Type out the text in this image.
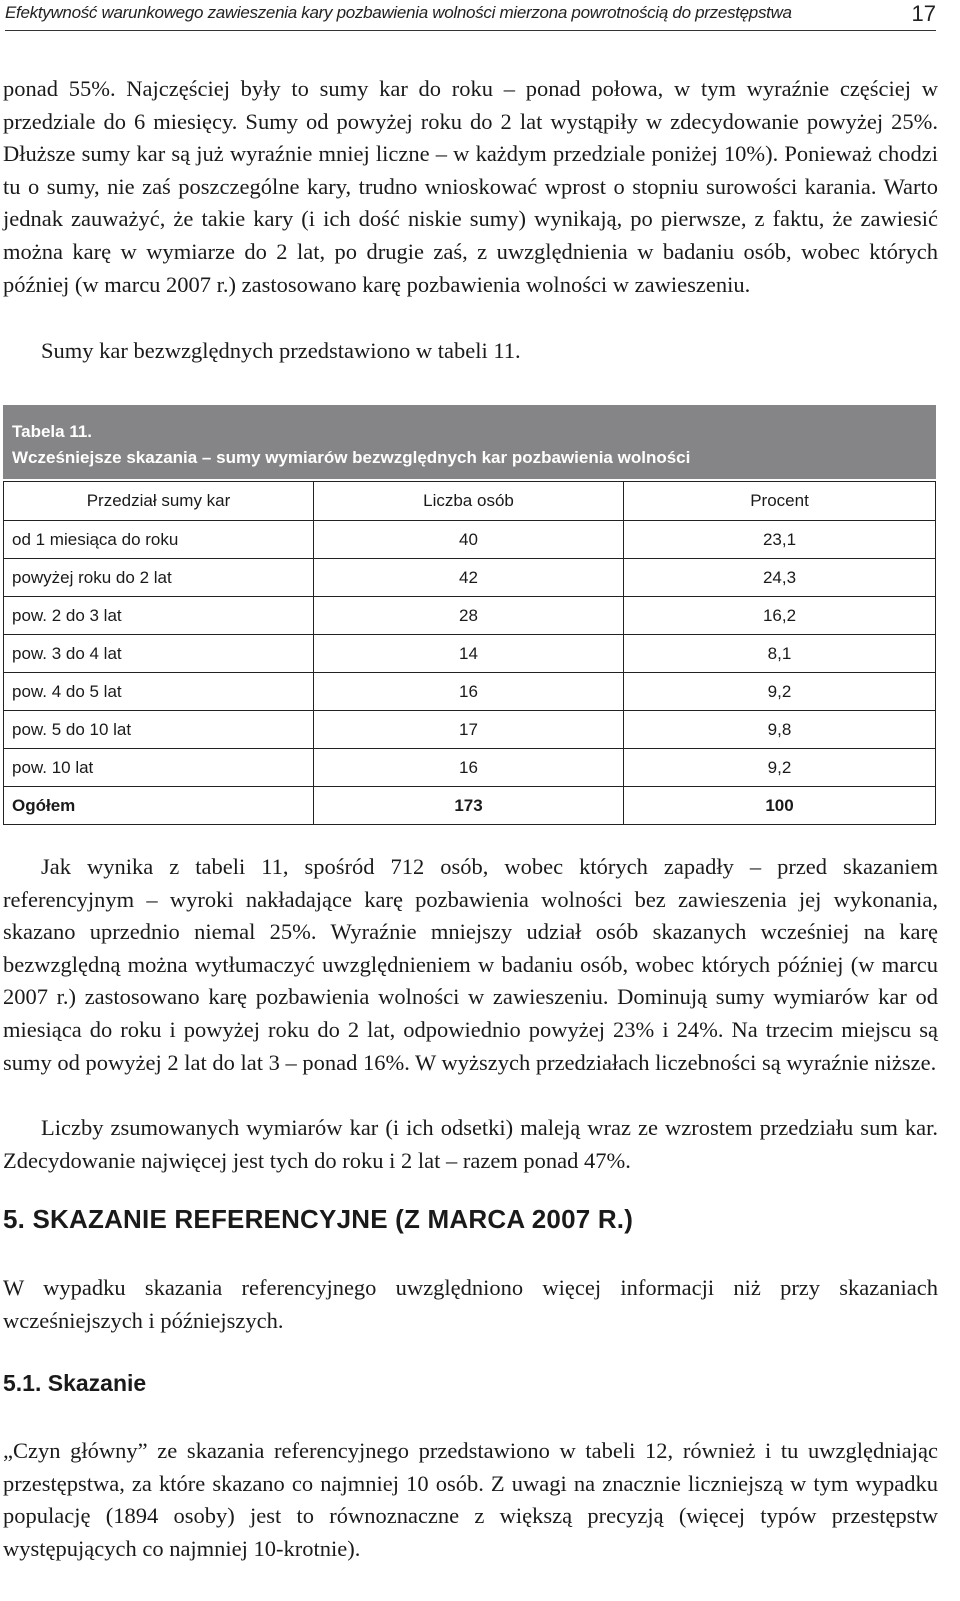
Efektywność warunkowego zawieszenia kary pozbawienia wolności mierzona powrotnością do przestępstwa	17

ponad 55%. Najczęściej były to sumy kar do roku – ponad połowa, w tym wyraźnie częściej w przedziale do 6 miesięcy. Sumy od powyżej roku do 2 lat wystąpiły w zdecydowanie powyżej 25%. Dłuższe sumy kar są już wyraźnie mniej liczne – w każdym przedziale poniżej 10%). Ponieważ chodzi tu o sumy, nie zaś poszczególne kary, trudno wnioskować wprost o stopniu surowości karania. Warto jednak zauważyć, że takie kary (i ich dość niskie sumy) wynikają, po pierwsze, z faktu, że zawiesić można karę w wymiarze do 2 lat, po drugie zaś, z uwzględnienia w badaniu osób, wobec których później (w marcu 2007 r.) zastosowano karę pozbawienia wolności w zawieszeniu.

Sumy kar bezwzględnych przedstawiono w tabeli 11.

Tabela 11.
Wcześniejsze skazania – sumy wymiarów bezwzględnych kar pozbawienia wolności
Przedział sumy kar	Liczba osób	Procent
od 1 miesiąca do roku	40	23,1
powyżej roku do 2 lat	42	24,3
pow. 2 do 3 lat	28	16,2
pow. 3 do 4 lat	14	8,1
pow. 4 do 5 lat	16	9,2
pow. 5 do 10 lat	17	9,8
pow. 10 lat	16	9,2
Ogółem	173	100

Jak wynika z tabeli 11, spośród 712 osób, wobec których zapadły – przed skazaniem referencyjnym – wyroki nakładające karę pozbawienia wolności bez zawieszenia jej wykonania, skazano uprzednio niemal 25%. Wyraźnie mniejszy udział osób skazanych wcześniej na karę bezwzględną można wytłumaczyć uwzględnieniem w badaniu osób, wobec których później (w marcu 2007 r.) zastosowano karę pozbawienia wolności w zawieszeniu. Dominują sumy wymiarów kar od miesiąca do roku i powyżej roku do 2 lat, odpowiednio powyżej 23% i 24%. Na trzecim miejscu są sumy od powyżej 2 lat do lat 3 – ponad 16%. W wyższych przedziałach liczebności są wyraźnie niższe.

Liczby zsumowanych wymiarów kar (i ich odsetki) maleją wraz ze wzrostem przedziału sum kar. Zdecydowanie najwięcej jest tych do roku i 2 lat – razem ponad 47%.

5. SKAZANIE REFERENCYJNE (Z MARCA 2007 R.)

W wypadku skazania referencyjnego uwzględniono więcej informacji niż przy skazaniach wcześniejszych i późniejszych.

5.1. Skazanie

„Czyn główny” ze skazania referencyjnego przedstawiono w tabeli 12, również i tu uwzględniając przestępstwa, za które skazano co najmniej 10 osób. Z uwagi na znacznie liczniejszą w tym wypadku populację (1894 osoby) jest to równoznaczne z większą precyzją (więcej typów przestępstw występujących co najmniej 10-krotnie).
